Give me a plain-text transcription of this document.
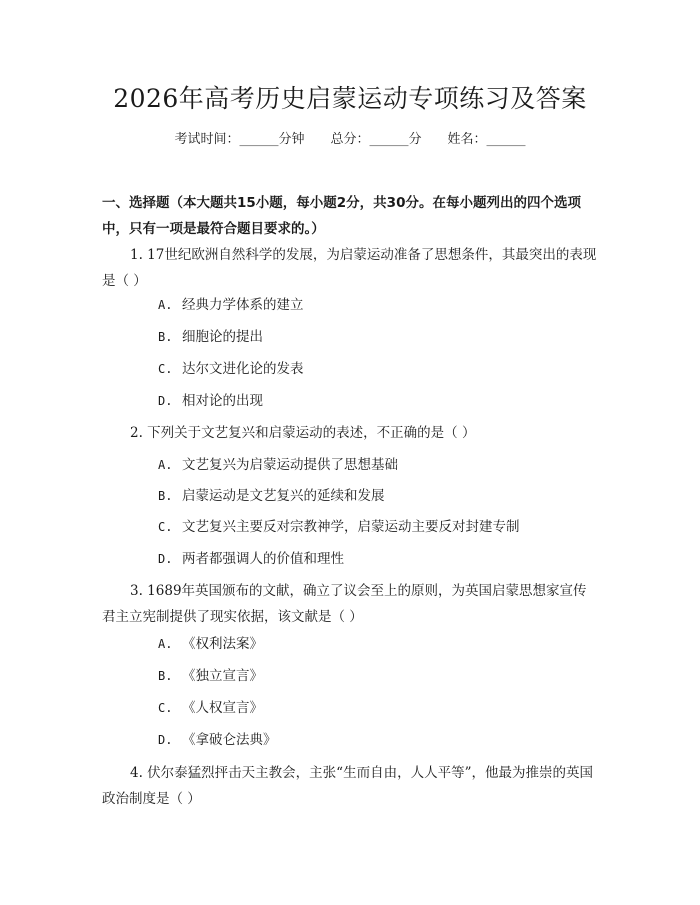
2026年高考历史启蒙运动专项练习及答案
考试时间：______分钟 总分：______分 姓名：______
一、选择题（本大题共15小题，每小题2分，共30分。在每小题列出的四个选项中，只有一项是最符合题目要求的。）
1. 17世纪欧洲自然科学的发展，为启蒙运动准备了思想条件，其最突出的表现是（ ）
A. 经典力学体系的建立
B. 细胞论的提出
C. 达尔文进化论的发表
D. 相对论的出现
2. 下列关于文艺复兴和启蒙运动的表述，不正确的是（ ）
A. 文艺复兴为启蒙运动提供了思想基础
B. 启蒙运动是文艺复兴的延续和发展
C. 文艺复兴主要反对宗教神学，启蒙运动主要反对封建专制
D. 两者都强调人的价值和理性
3. 1689年英国颁布的文献，确立了议会至上的原则，为英国启蒙思想家宣传君主立宪制提供了现实依据，该文献是（ ）
A. 《权利法案》
B. 《独立宣言》
C. 《人权宣言》
D. 《拿破仑法典》
4. 伏尔泰猛烈抨击天主教会，主张“生而自由，人人平等”，他最为推崇的英国政治制度是（ ）
